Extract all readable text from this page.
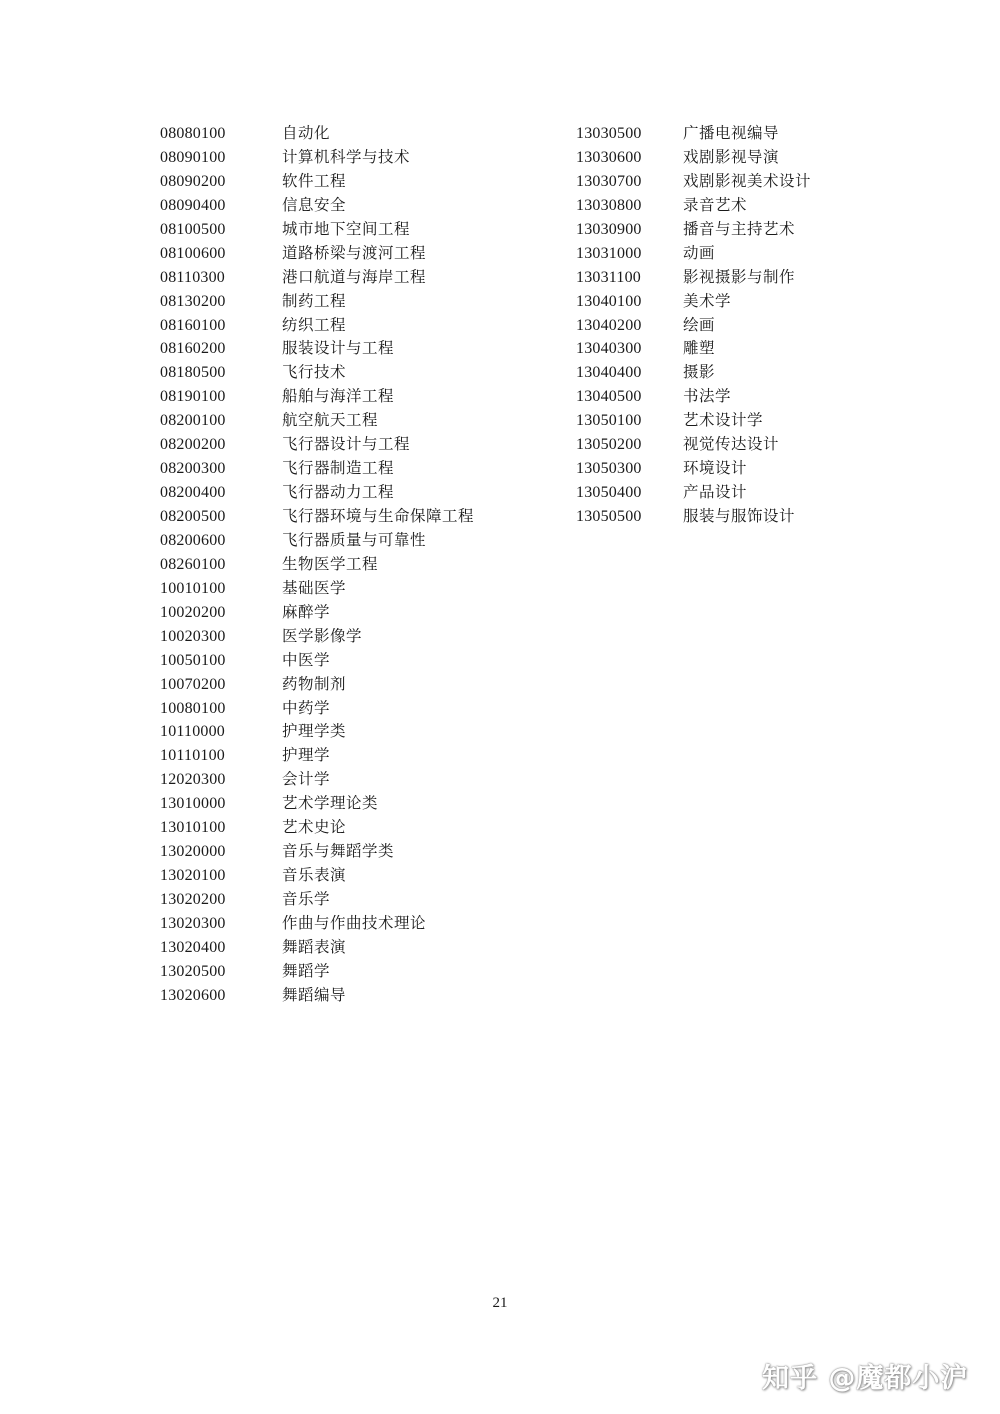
08080100	自动化
08090100	计算机科学与技术
08090200	软件工程
08090400	信息安全
08100500	城市地下空间工程
08100600	道路桥梁与渡河工程
08110300	港口航道与海岸工程
08130200	制药工程
08160100	纺织工程
08160200	服装设计与工程
08180500	飞行技术
08190100	船舶与海洋工程
08200100	航空航天工程
08200200	飞行器设计与工程
08200300	飞行器制造工程
08200400	飞行器动力工程
08200500	飞行器环境与生命保障工程
08200600	飞行器质量与可靠性
08260100	生物医学工程
10010100	基础医学
10020200	麻醉学
10020300	医学影像学
10050100	中医学
10070200	药物制剂
10080100	中药学
10110000	护理学类
10110100	护理学
12020300	会计学
13010000	艺术学理论类
13010100	艺术史论
13020000	音乐与舞蹈学类
13020100	音乐表演
13020200	音乐学
13020300	作曲与作曲技术理论
13020400	舞蹈表演
13020500	舞蹈学
13020600	舞蹈编导
13030500	广播电视编导
13030600	戏剧影视导演
13030700	戏剧影视美术设计
13030800	录音艺术
13030900	播音与主持艺术
13031000	动画
13031100	影视摄影与制作
13040100	美术学
13040200	绘画
13040300	雕塑
13040400	摄影
13040500	书法学
13050100	艺术设计学
13050200	视觉传达设计
13050300	环境设计
13050400	产品设计
13050500	服装与服饰设计
21
知乎 @魔都小沪
